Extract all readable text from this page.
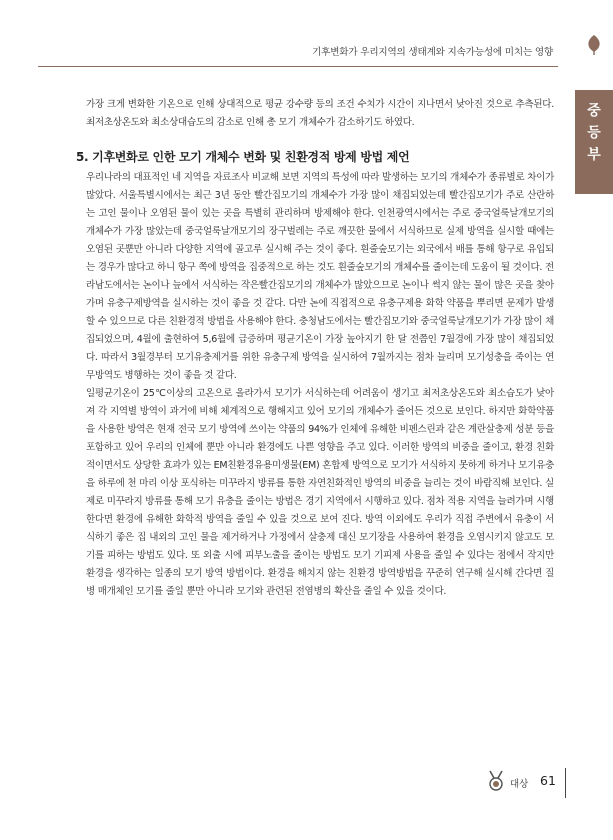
중
등
부
기후변화가 우리지역의 생태계와 지속가능성에 미치는 영향

가장 크게 변화한 기온으로 인해 상대적으로 평균 강수량 등의 조건 수치가 시간이 지나면서 낮아진 것으로 추측된다. 최저초상온도와 최소상대습도의 감소로 인해 총 모기 개체수가 감소하기도 하였다.

5. 기후변화로 인한 모기 개체수 변화 및 친환경적 방제 방법 제언

우리나라의 대표적인 네 지역을 자료조사 비교해 보면 지역의 특성에 따라 발생하는 모기의 개체수가 종류별로 차이가 많았다. 서울특별시에서는 최근 3년 동안 빨간집모기의 개체수가 가장 많이 채집되었는데 빨간집모기가 주로 산란하는 고인 물이나 오염된 물이 있는 곳을 특별히 관리하며 방제해야 한다. 인천광역시에서는 주로 중국얼룩날개모기의 개체수가 가장 많았는데 중국얼룩날개모기의 장구벌레는 주로 깨끗한 물에서 서식하므로 실제 방역을 실시할 때에는 오염된 곳뿐만 아니라 다양한 지역에 골고루 실시해 주는 것이 좋다. 흰줄숲모기는 외국에서 배를 통해 항구로 유입되는 경우가 많다고 하니 항구 쪽에 방역을 집중적으로 하는 것도 흰줄숲모기의 개체수를 줄이는데 도움이 될 것이다. 전라남도에서는 논이나 늪에서 서식하는 작은빨간집모기의 개체수가 많았으므로 논이나 썩지 않는 물이 많은 곳을 찾아가며 유충구제방역을 실시하는 것이 좋을 것 같다. 다만 논에 직접적으로 유충구제용 화학 약품을 뿌리면 문제가 발생할 수 있으므로 다른 친환경적 방법을 사용해야 한다. 충청남도에서는 빨간집모기와 중국얼룩날개모기가 가장 많이 채집되었으며, 4월에 출현하여 5,6월에 급증하며 평균기온이 가장 높아지기 한 달 전쯤인 7월경에 가장 많이 채집되었다. 따라서 3월경부터 모기유충제거를 위한 유충구제 방역을 실시하여 7월까지는 점차 늘리며 모기성충을 죽이는 연무방역도 병행하는 것이 좋을 것 같다.

일평균기온이 25℃이상의 고온으로 올라가서 모기가 서식하는데 어려움이 생기고 최저초상온도와 최소습도가 낮아져 각 지역별 방역이 과거에 비해 체계적으로 행해지고 있어 모기의 개체수가 줄어든 것으로 보인다. 하지만 화학약품을 사용한 방역은 현재 전국 모기 방역에 쓰이는 약품의 94%가 인체에 유해한 비펜스린과 같은 계란살충제 성분 등을 포함하고 있어 우리의 인체에 뿐만 아니라 환경에도 나쁜 영향을 주고 있다. 이러한 방역의 비중을 줄이고, 환경 친화적이면서도 상당한 효과가 있는 EM친환경유용미생물(EM) 혼합제 방역으로 모기가 서식하지 못하게 하거나 모기유충을 하루에 천 마리 이상 포식하는 미꾸라지 방류를 통한 자연친화적인 방역의 비중을 늘리는 것이 바람직해 보인다. 실제로 미꾸라지 방류를 통해 모기 유충을 줄이는 방법은 경기 지역에서 시행하고 있다. 점차 적용 지역을 늘려가며 시행한다면 환경에 유해한 화학적 방역을 줄일 수 있을 것으로 보여 진다. 방역 이외에도 우리가 직접 주변에서 유충이 서식하기 좋은 집 내외의 고인 물을 제거하거나 가정에서 살충제 대신 모기장을 사용하여 환경을 오염시키지 않고도 모기를 피하는 방법도 있다. 또 외출 시에 피부노출을 줄이는 방법도 모기 기피제 사용을 줄일 수 있다는 점에서 작지만 환경을 생각하는 일종의 모기 방역 방법이다. 환경을 해치지 않는 친환경 방역방법을 꾸준히 연구해 실시해 간다면 질병 매개체인 모기를 줄일 뿐만 아니라 모기와 관련된 전염병의 확산을 줄일 수 있을 것이다.

대상 61
